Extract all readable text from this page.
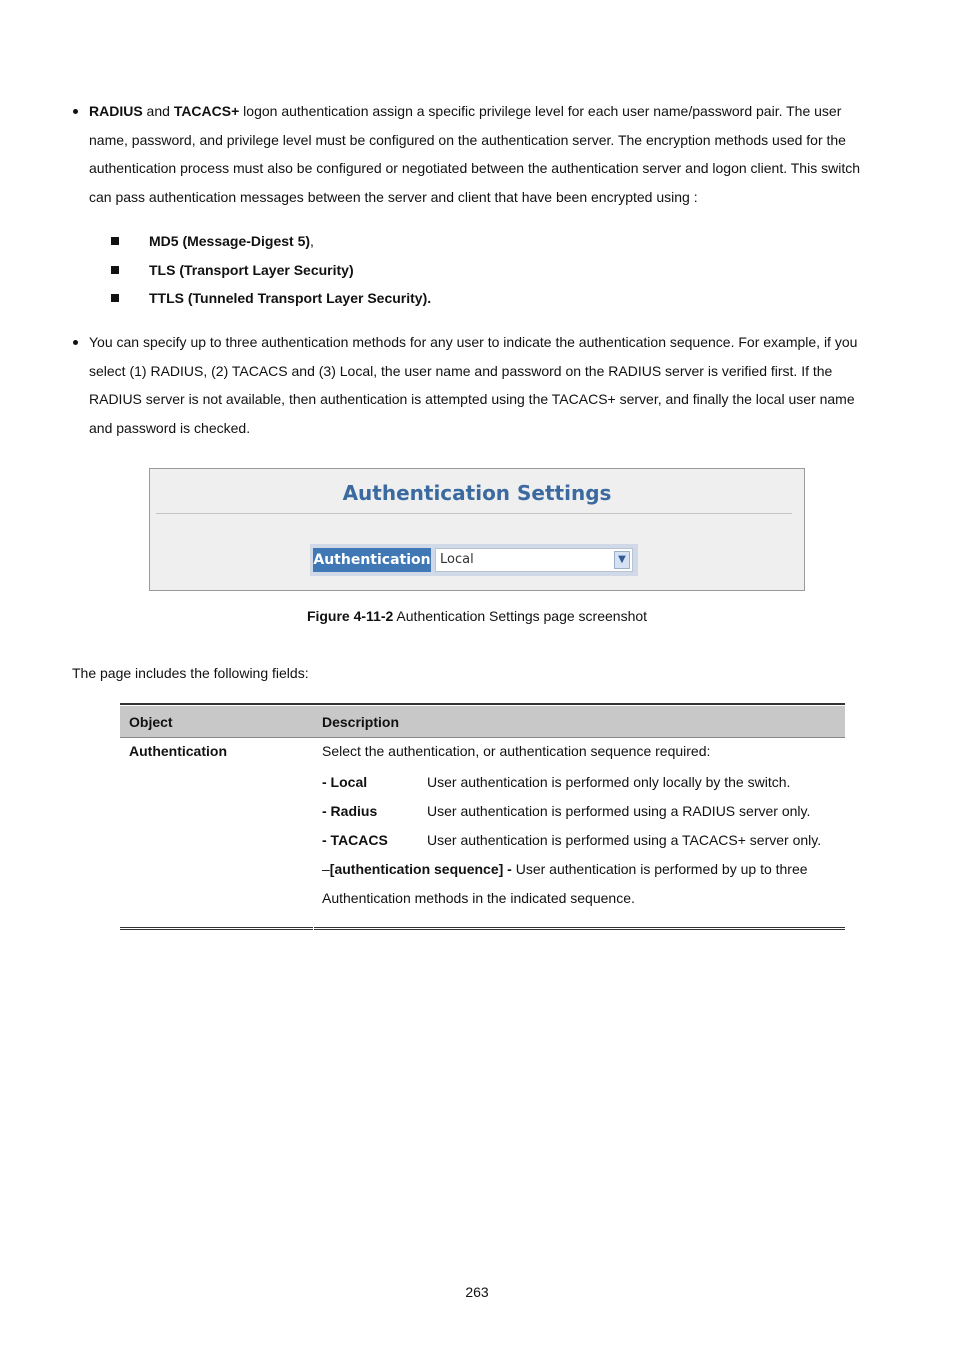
RADIUS and TACACS+ logon authentication assign a specific privilege level for each user name/password pair. The user
name, password, and privilege level must be configured on the authentication server. The encryption methods used for the
authentication process must also be configured or negotiated between the authentication server and logon client. This switch
can pass authentication messages between the server and client that have been encrypted using :
MD5 (Message-Digest 5),
TLS (Transport Layer Security)
TTLS (Tunneled Transport Layer Security).
You can specify up to three authentication methods for any user to indicate the authentication sequence. For example, if you
select (1) RADIUS, (2) TACACS and (3) Local, the user name and password on the RADIUS server is verified first. If the
RADIUS server is not available, then authentication is attempted using the TACACS+ server, and finally the local user name
and password is checked.
Authentication Settings
Authentication Local	▼
Figure 4-11-2 Authentication Settings page screenshot
The page includes the following fields:
Object	Description
Authentication	Select the authentication, or authentication sequence required:
- Local	User authentication is performed only locally by the switch.
- Radius	User authentication is performed using a RADIUS server only.
- TACACS	User authentication is performed using a TACACS+ server only.
–[authentication sequence] - User authentication is performed by up to three
Authentication methods in the indicated sequence.
263
